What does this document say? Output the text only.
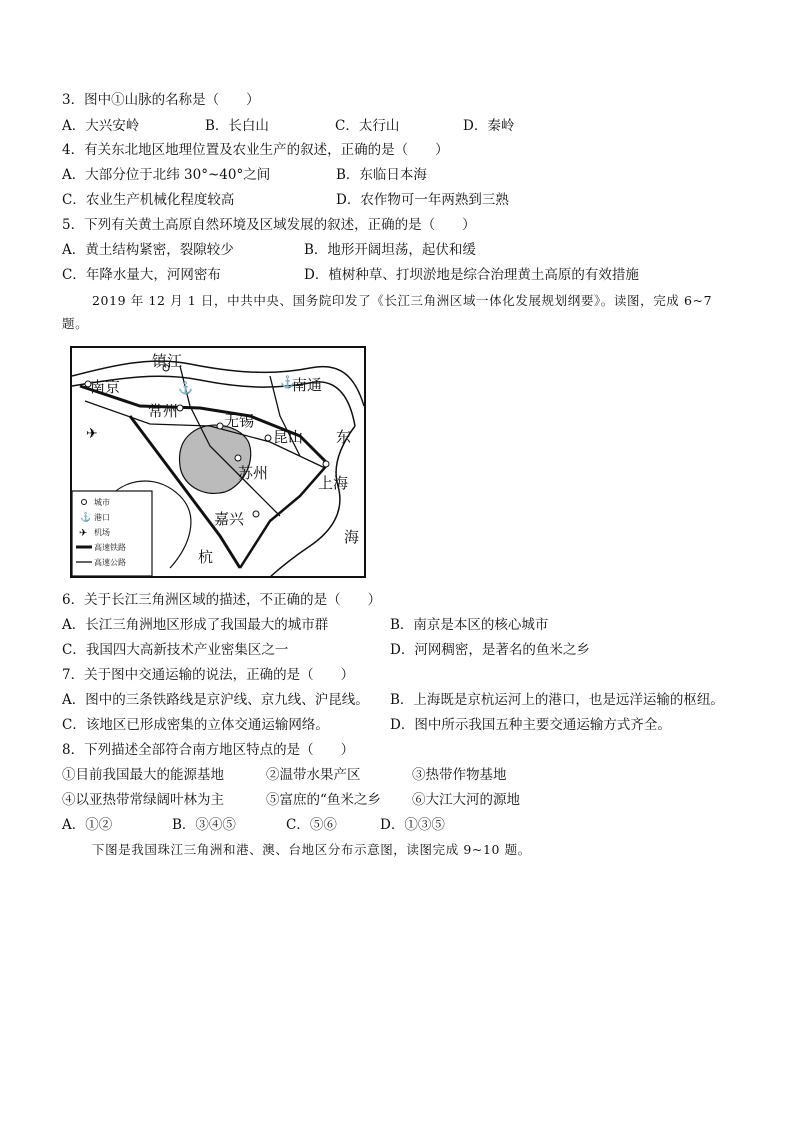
3．图中①山脉的名称是（　　）
A．大兴安岭	B．长白山	C．太行山	D．秦岭
4．有关东北地区地理位置及农业生产的叙述，正确的是（　　）
A．大部分位于北纬 30°~40°之间	B．东临日本海
C．农业生产机械化程度较高	D．农作物可一年两熟到三熟
5．下列有关黄土高原自然环境及区域发展的叙述，正确的是（　　）
A．黄土结构紧密，裂隙较少	B．地形开阔坦荡，起伏和缓
C．年降水量大，河网密布	D．植树种草、打坝淤地是综合治理黄土高原的有效措施
2019 年 12 月 1 日，中共中央、国务院印发了《长江三角洲区域一体化发展规划纲要》。读图，完成 6~7
题。
镇江
南京
常州
无锡
南通
昆山
苏州
上海
嘉兴
东
海
杭
✈
⚓	⚓
城市
⚓ 港口
✈ 机场
高速铁路
高速公路
6．关于长江三角洲区域的描述，不正确的是（　　）
A．长江三角洲地区形成了我国最大的城市群	B．南京是本区的核心城市
C．我国四大高新技术产业密集区之一	D．河网稠密，是著名的鱼米之乡
7．关于图中交通运输的说法，正确的是（　　）
A．图中的三条铁路线是京沪线、京九线、沪昆线。 B．上海既是京杭运河上的港口，也是远洋运输的枢纽。
C．该地区已形成密集的立体交通运输网络。	D．图中所示我国五种主要交通运输方式齐全。
8．下列描述全部符合南方地区特点的是（　　）
①目前我国最大的能源基地	②温带水果产区	③热带作物基地
④以亚热带常绿阔叶林为主	⑤富庶的“鱼米之乡 ⑥大江大河的源地
A．①②	B．③④⑤	C．⑤⑥	D．①③⑤
下图是我国珠江三角洲和港、澳、台地区分布示意图，读图完成 9~10 题。
